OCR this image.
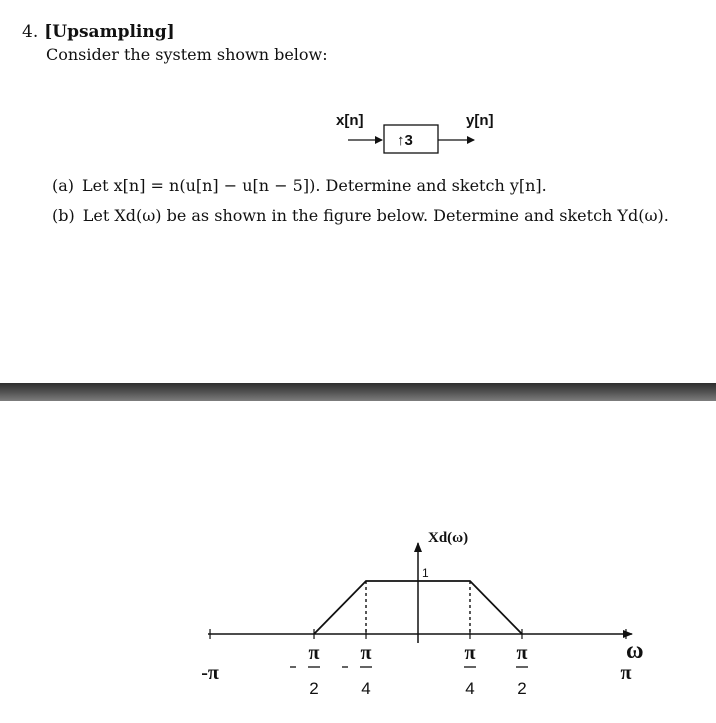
4. [Upsampling]
Consider the system shown below:
x[n]
↑3
y[n]
(a) Let x[n] = n(u[n] − u[n − 5]). Determine and sketch y[n].
(b) Let Xd(ω) be as shown in the figure below. Determine and sketch Yd(ω).
Xd(ω)
ω
1
-π
π
2
π
4
π
4
π
2
π
